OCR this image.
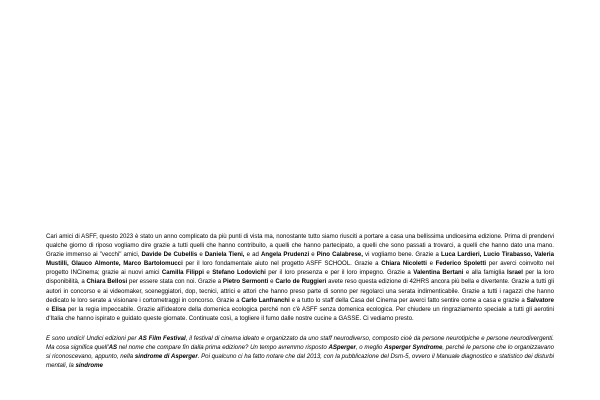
Cari amici di ASFF, questo 2023 è stato un anno complicato da più punti di vista ma, nonostante tutto siamo riusciti a portare a casa una bellissima undicesima edizione. Prima di prendervi qualche giorno di riposo vogliamo dire grazie a tutti quelli che hanno contribuito, a quelli che hanno partecipato, a quelli che sono passati a trovarci, a quelli che hanno dato una mano. Grazie immenso ai "vecchi" amici, Davide De Cubellis e Daniela Tieni, e ad Angela Prudenzi e Pino Calabrese, vi vogliamo bene. Grazie a Luca Lardieri, Lucio Tirabasso, Valeria Mustilli, Glauco Almonte, Marco Bartolomucci per il loro fondamentale aiuto nel progetto ASFF SCHOOL. Grazie a Chiara Nicoletti e Federico Spoletti per averci coinvolto nel progetto INCinema; grazie ai nuovi amici Camilla Filippi e Stefano Lodovichi per il loro presenza e per il loro impegno. Grazie a Valentina Bertani e alla famiglia Israel per la loro disponibilità, a Chiara Bellosi per essere stata con noi. Grazie a Pietro Sermonti e Carlo de Ruggieri avete reso questa edizione di 42HRS ancora più bella e divertente. Grazie a tutti gli autori in concorso e ai videomaker, sceneggiatori, dop, tecnici, attrici e attori che hanno preso parte di sonno per regolarci una serata indimenticabile. Grazie a tutti i ragazzi che hanno dedicato le loro serate a visionare i cortometraggi in concorso. Grazie a Carlo Lanfranchi e a tutto lo staff della Casa del Cinema per averci fatto sentire come a casa e grazie a Salvatore e Elisa per la regia impeccabile. Grazie all'ideatore della domenica ecologica perché non c'è ASFF senza domenica ecologica. Per chiudere un ringraziamento speciale a tutti gli aerotini d'Italia che hanno ispirato e guidato queste giornate. Continuate così, a togliere il fumo dalle nostre cucine a GASSE. Ci vediamo presto.

E sono undici! Undici edizioni per AS Film Festival, il festival di cinema ideato e organizzato da uno staff neurodiverso, composto cioè da persone neurotipiche e persone neurodivergenti. Ma cosa significa quell'AS nel nome che compare fin dalla prima edizione? Un tempo avremmo risposto ASperger, o meglio Asperger Syndrome, perché le persone che lo organizzavano si riconoscevano, appunto, nella sindrome di Asperger. Poi qualcuno ci ha fatto notare che dal 2013, con la pubblicazione del Dsm-5, ovvero il Manuale diagnostico e statistico dei disturbi mentali, la sindrome
